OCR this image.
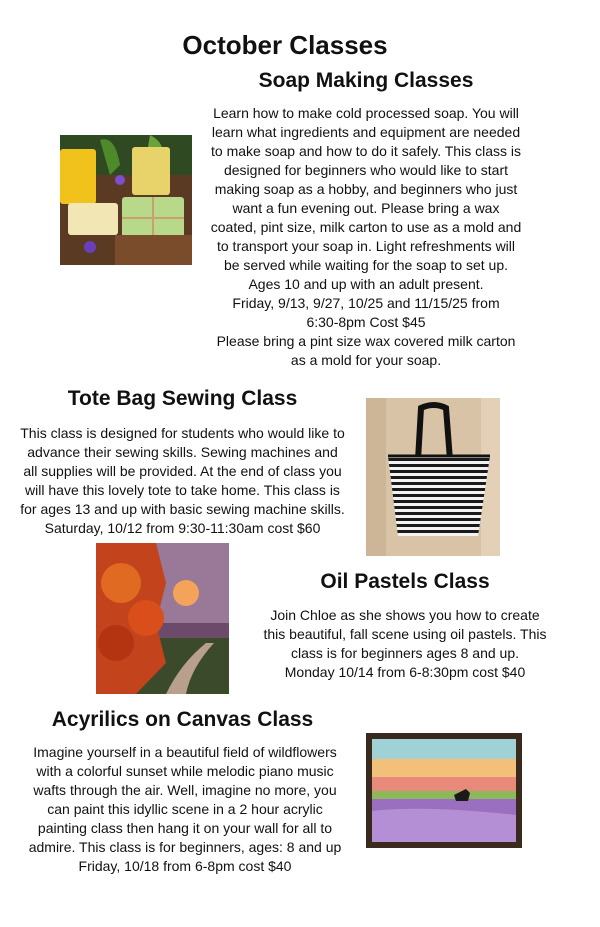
October Classes
Soap Making Classes
Learn how to make cold processed soap. You will
learn what ingredients and equipment are needed
to make soap and how to do it safely. This class is
designed for beginners who would like to start
making soap as a hobby, and beginners who just
want a fun evening out. Please bring a wax
coated, pint size, milk carton to use as a mold and
to transport your soap in. Light refreshments will
be served while waiting for the soap to set up.
Ages 10 and up with an adult present.
Friday, 9/13, 9/27, 10/25 and 11/15/25 from
6:30-8pm Cost $45
Please bring a pint size wax covered milk carton
as a mold for your soap.
Tote Bag Sewing Class
This class is designed for students who would like to
advance their sewing skills. Sewing machines and
all supplies will be provided. At the end of class you
will have this lovely tote to take home. This class is
for ages 13 and up with basic sewing machine skills.
Saturday, 10/12 from 9:30-11:30am cost $60
Oil Pastels Class
Join Chloe as she shows you how to create
this beautiful, fall scene using oil pastels. This
class is for beginners ages 8 and up.
Monday 10/14 from 6-8:30pm cost $40
Acyrilics on Canvas Class
Imagine yourself in a beautiful field of wildflowers
with a colorful sunset while melodic piano music
wafts through the air. Well, imagine no more, you
can paint this idyllic scene in a 2 hour acrylic
painting class then hang it on your wall for all to
admire. This class is for beginners, ages: 8 and up
Friday, 10/18 from 6-8pm cost $40
